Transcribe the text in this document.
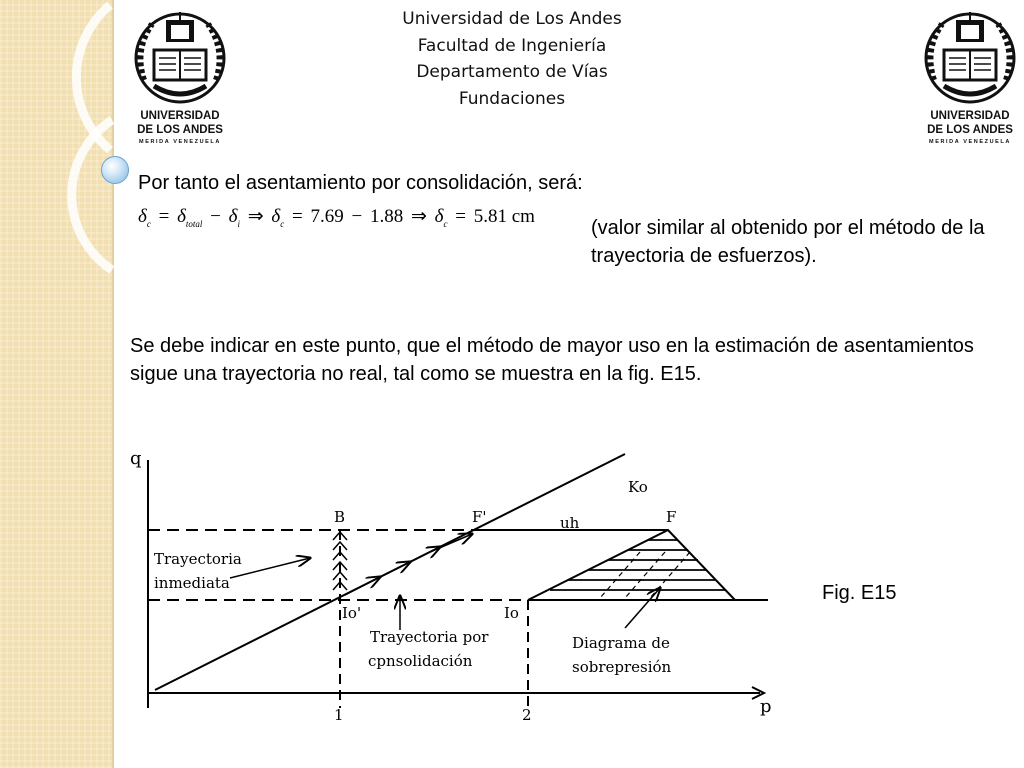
Universidad de Los Andes
Facultad de Ingeniería
Departamento de Vías
Fundaciones
UNIVERSIDAD
DE LOS ANDES
MERIDA VENEZUELA
UNIVERSIDAD
DE LOS ANDES
MERIDA VENEZUELA
Por tanto el asentamiento por consolidación, será:
$\delta_c = \delta_{total} - \delta_i$ ⇒ $\delta_c = 7.69 - 1.88$ ⇒ $\delta_c = 5.81$ cm
(valor similar al obtenido por el método de la trayectoria de esfuerzos).
Se debe indicar en este punto, que el método de mayor uso en la estimación de asentamientos sigue una trayectoria no real, tal como se muestra en la fig. E15.
q
p
Ko
B	F'	F
uh
Io'	Io
1	2
Trayectoria
inmediata
Trayectoria por
cpnsolidación
Diagrama de
sobrepresión
Fig. E15
